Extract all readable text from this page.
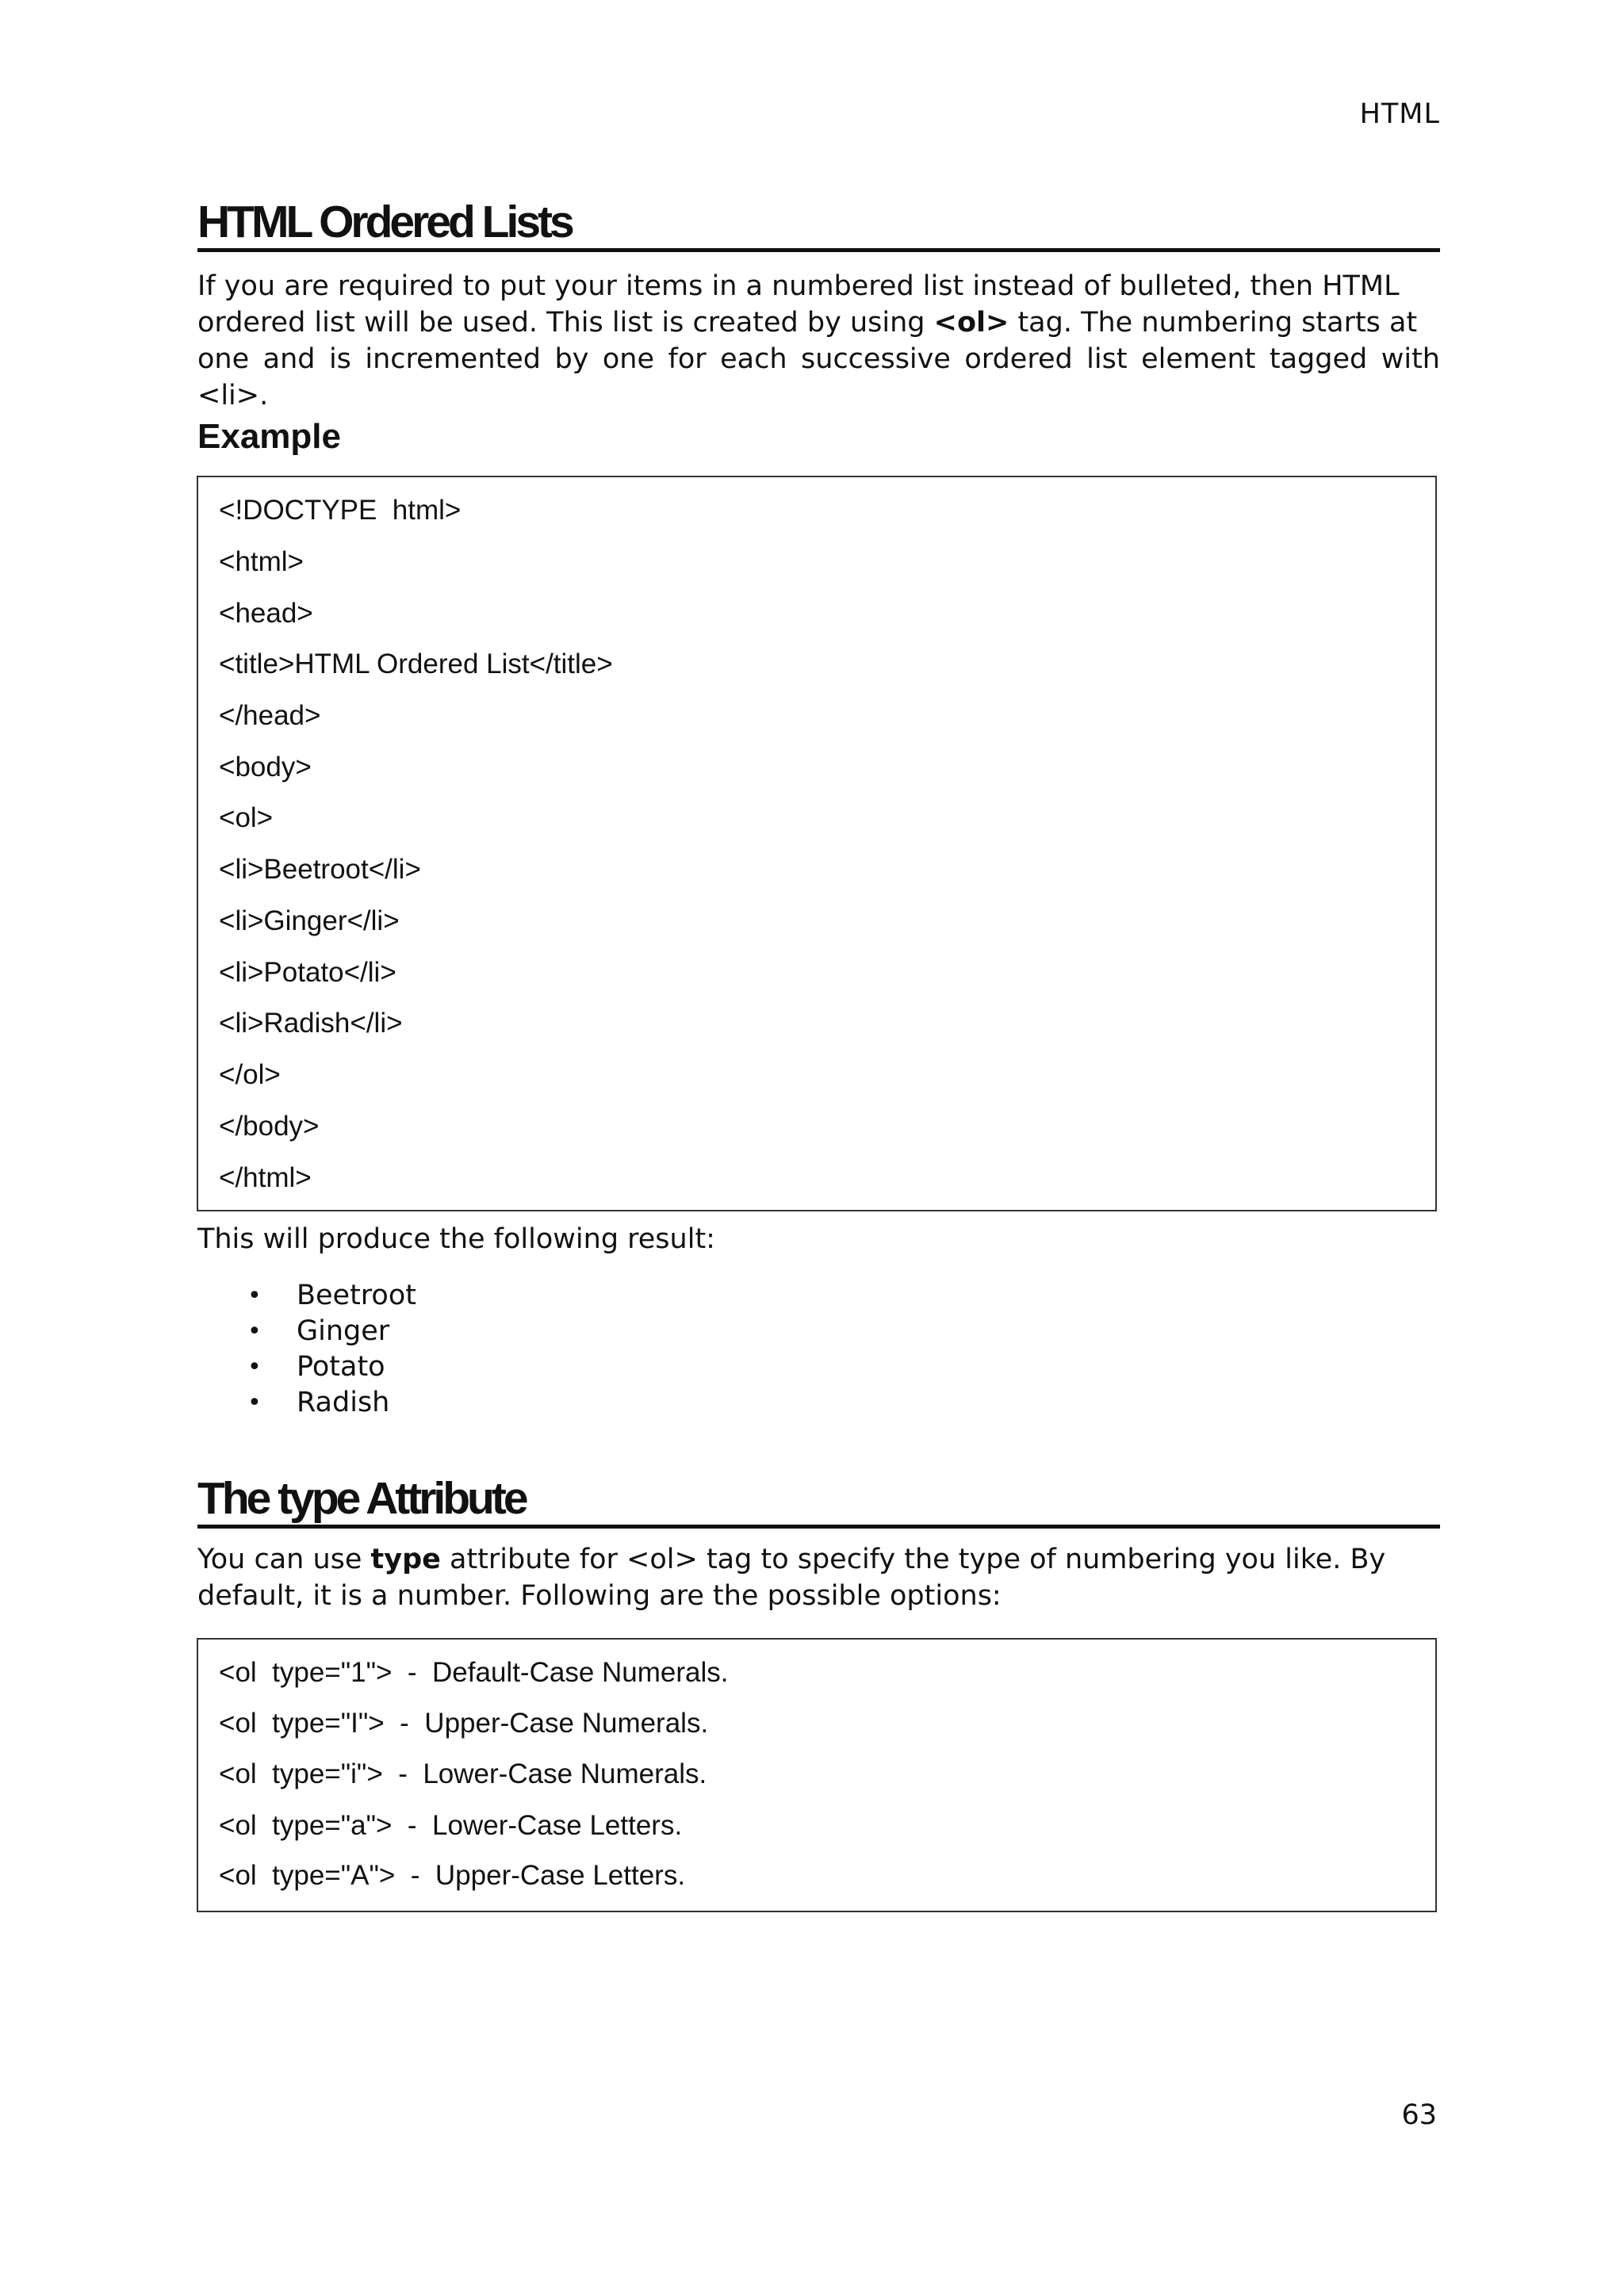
HTML
HTML Ordered Lists

If you are required to put your items in a numbered list instead of bulleted, then HTML
ordered list will be used. This list is created by using <ol> tag. The numbering starts at
one and is incremented by one for each successive ordered list element tagged with <li>.

Example
<!DOCTYPE  html>
<html>
<head>
<title>HTML Ordered List</title>
</head>
<body>
<ol>
<li>Beetroot</li>
<li>Ginger</li>
<li>Potato</li>
<li>Radish</li>
</ol>
</body>
</html>

This will produce the following result:

• Beetroot
• Ginger
• Potato
• Radish
The type Attribute

You can use type attribute for <ol> tag to specify the type of numbering you like. By
default, it is a number. Following are the possible options:

<ol  type="1">  -  Default-Case Numerals.
<ol  type="I">  -  Upper-Case Numerals.
<ol  type="i">  -  Lower-Case Numerals.
<ol  type="a">  -  Lower-Case Letters.
<ol  type="A">  -  Upper-Case Letters.
63
